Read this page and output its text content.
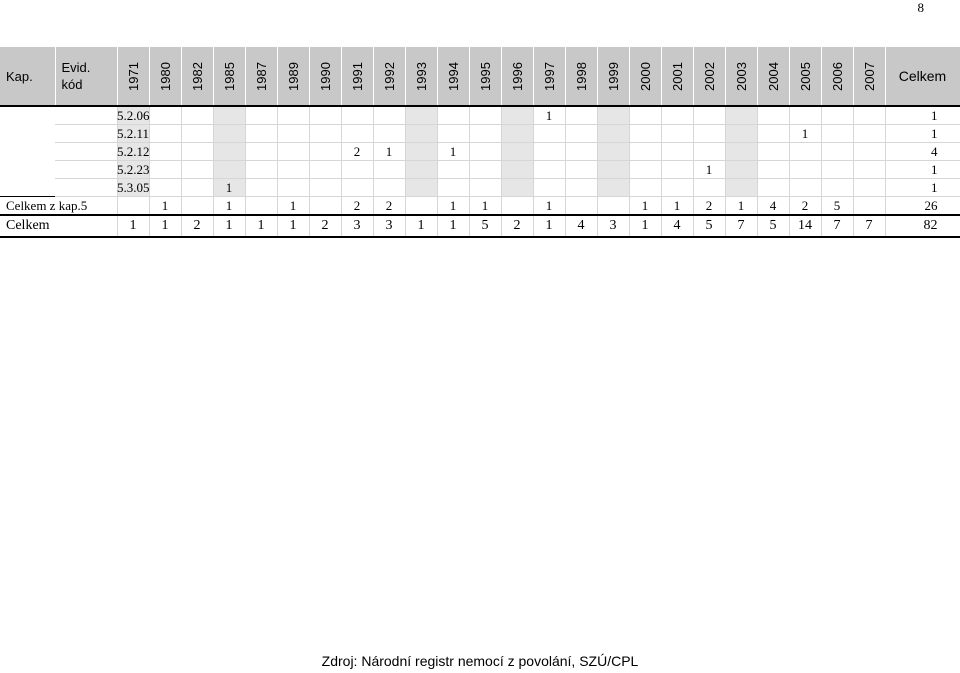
8
Kap.	Evid.
kód	1971	1980	1982	1985	1987	1989	1990	1991	1992	1993	1994	1995	1996	1997	1998	1999	2000	2001	2002	2003	2004	2005	2006	2007	Celkem
	5.2.06														1											1
	5.2.11																						1			1
	5.2.12								2	1		1														4
	5.2.23																			1						1
	5.3.05				1																					1
Celkem z kap.5			1		1		1		2	2		1	1		1			1	1	2	1	4	2	5		26
Celkem		1	1	2	1	1	1	2	3	3	1	1	5	2	1	4	3	1	4	5	7	5	14	7	7	82
Zdroj: Národní registr nemocí z povolání, SZÚ/CPL
